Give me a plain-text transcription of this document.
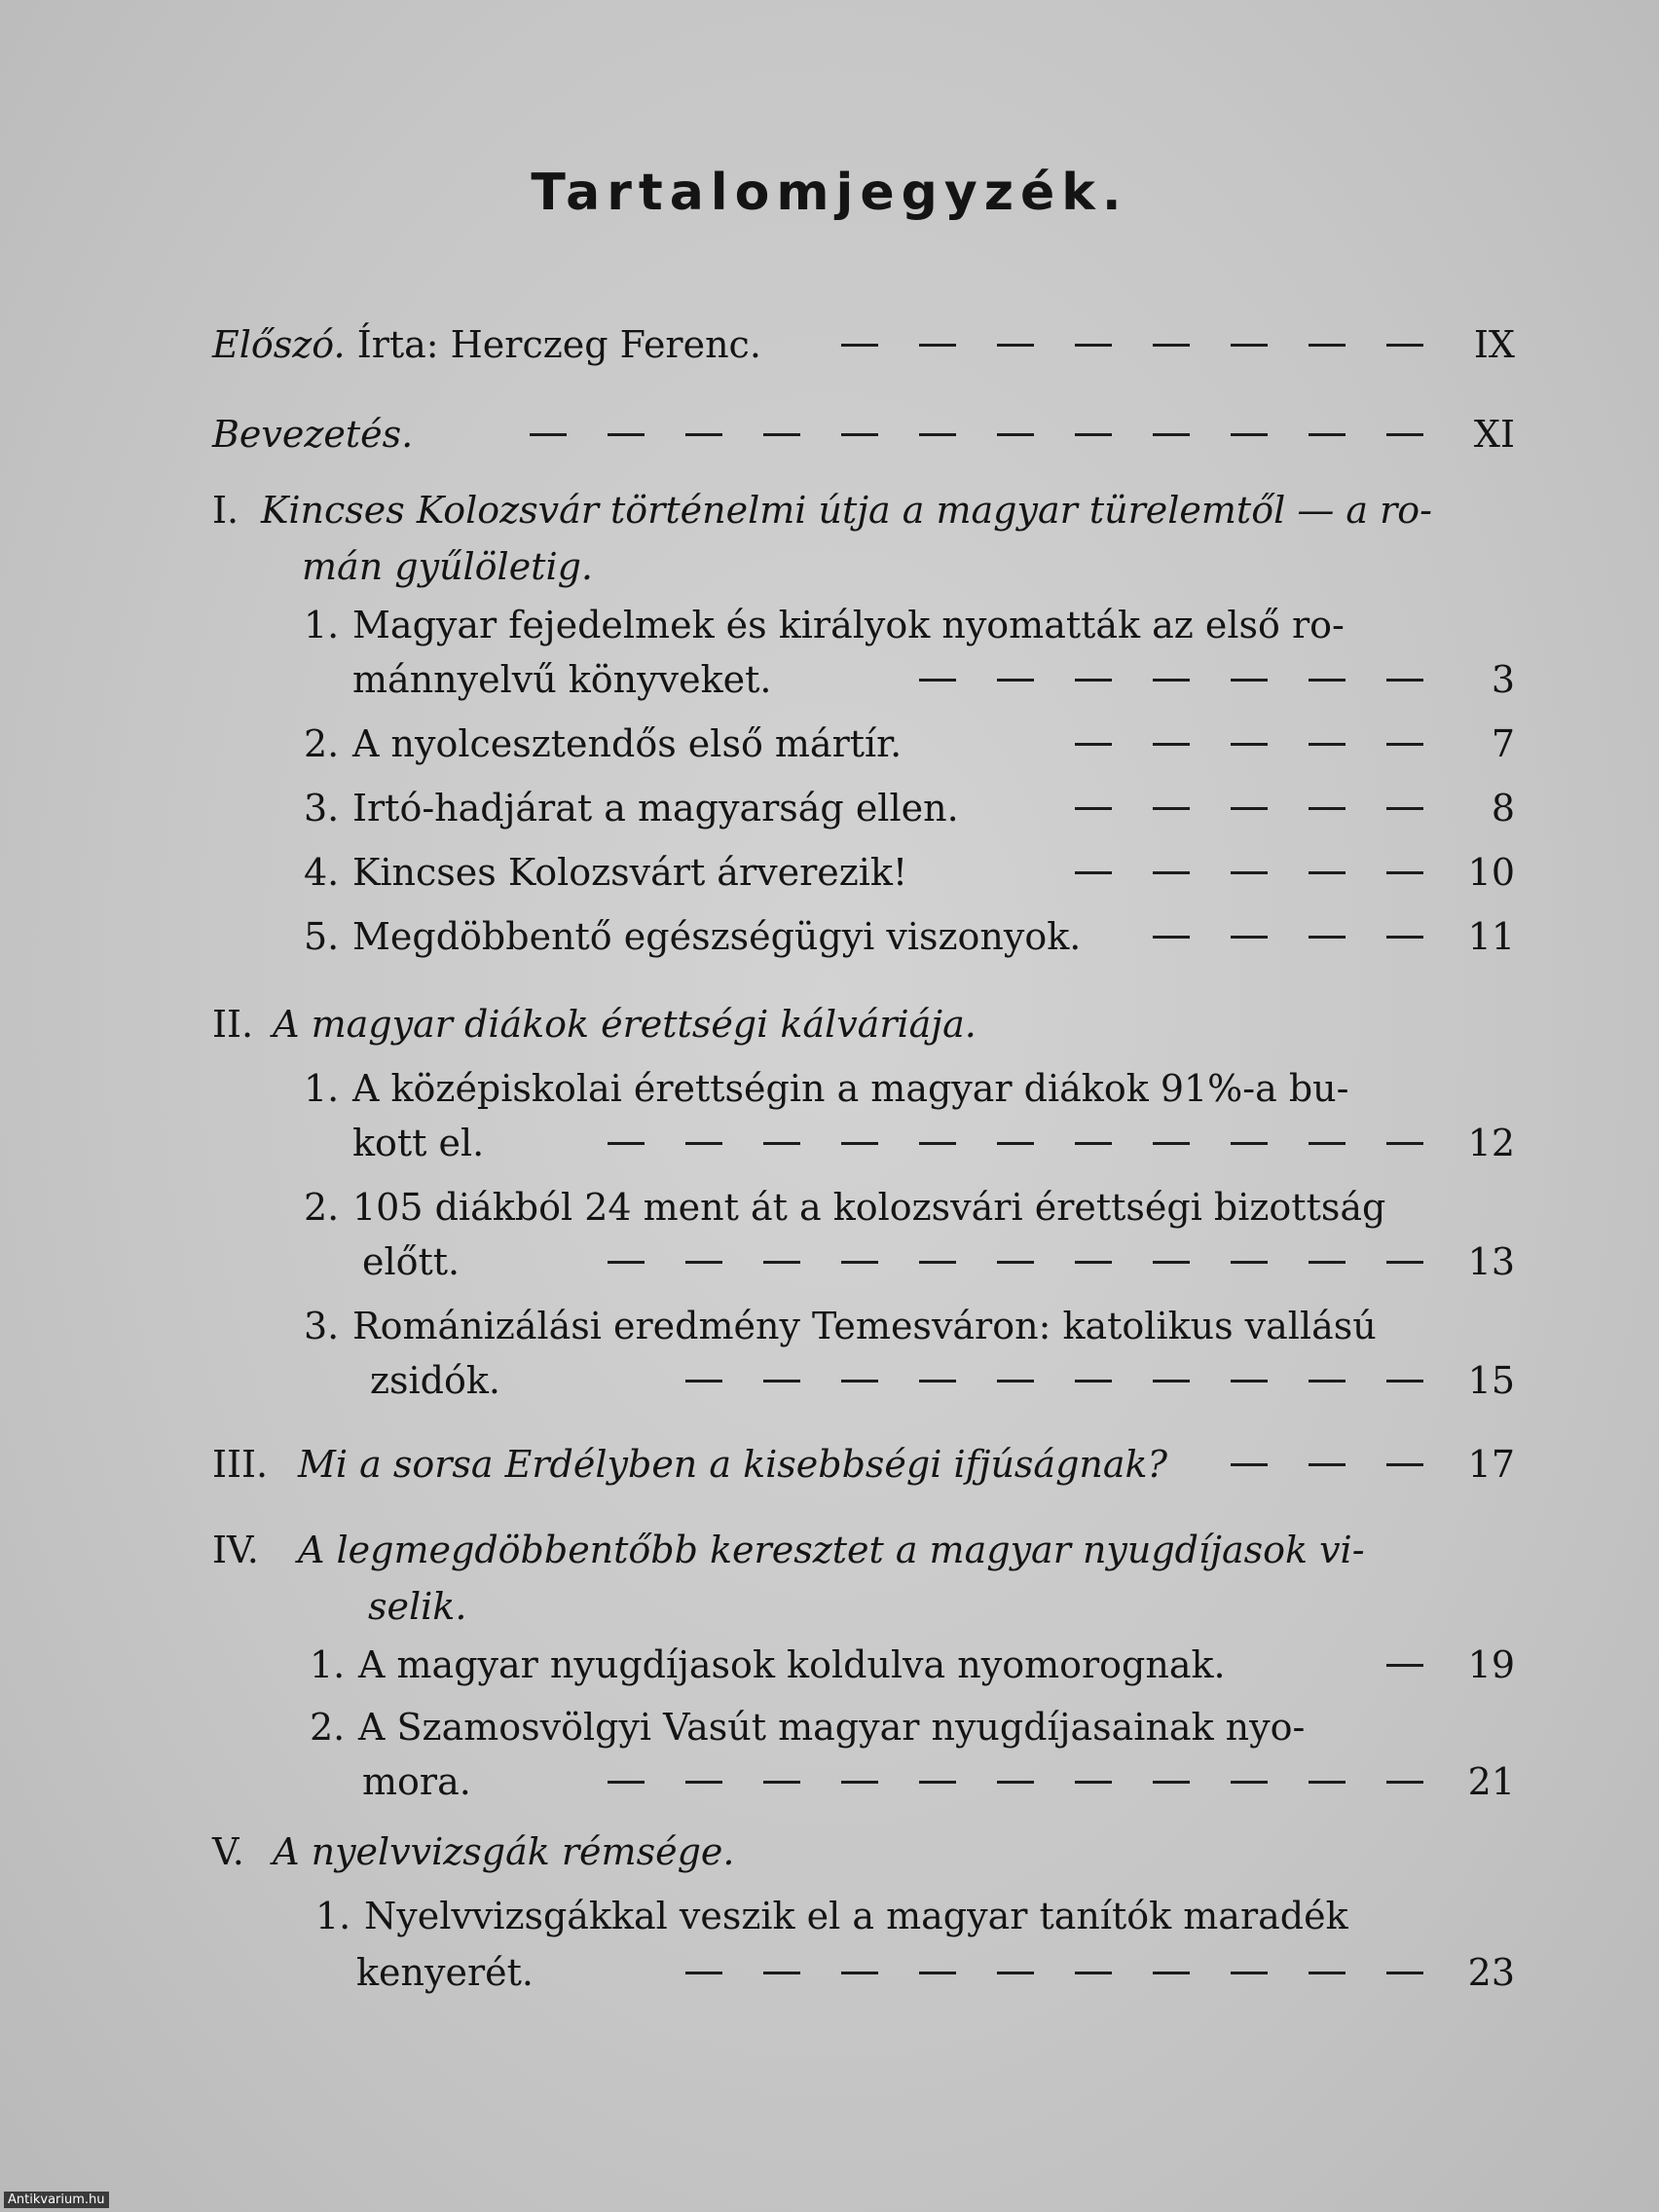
Tartalomjegyzék.
Előszó.
Írta: Herczeg Ferenc.	IX
Bevezetés.	XI
I. Kincses Kolozsvár történelmi útja a magyar türelemtől — a ro-
mán gyűlöletig.
1. Magyar fejedelmek és királyok nyomatták az első ro-
mánnyelvű könyveket.	3
2. A nyolcesztendős első mártír.	7
3. Irtó-hadjárat a magyarság ellen.	8
4. Kincses Kolozsvárt árverezik!	10
5. Megdöbbentő egészségügyi viszonyok.	11
II.
A magyar diákok érettségi kálváriája.
1. A középiskolai érettségin a magyar diákok 91%-a bu-
kott el.	12
2. 105 diákból 24 ment át a kolozsvári érettségi bizottság
előtt.	13
3. Románizálási eredmény Temesváron: katolikus vallású
zsidók.	15
III. Mi a sorsa Erdélyben a kisebbségi ifjúságnak?	17
IV.	A legmegdöbbentőbb keresztet a magyar nyugdíjasok vi-
selik.
1. A magyar nyugdíjasok koldulva nyomorognak.	19
2. A Szamosvölgyi Vasút magyar nyugdíjasainak nyo-
mora.	21
V.
A nyelvvizsgák rémsége.
1. Nyelvvizsgákkal veszik el a magyar tanítók maradék
kenyerét.	23
Antikvarium.hu
